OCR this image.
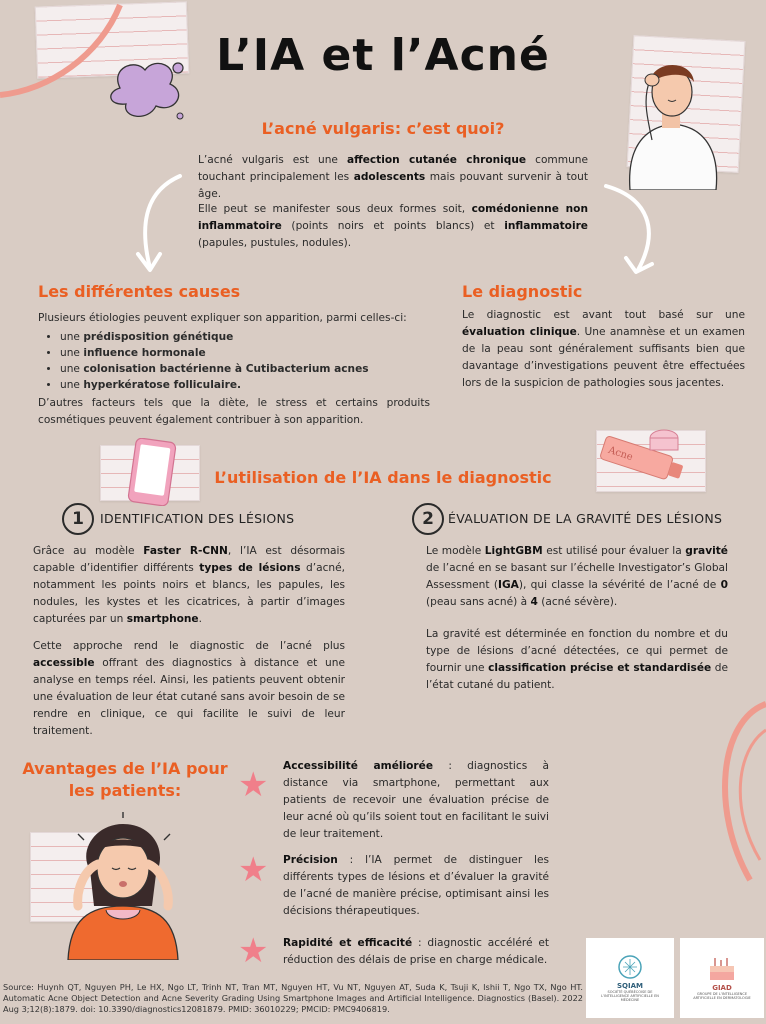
L’IA et l’Acné
L’acné vulgaris: c’est quoi?
L’acné vulgaris est une affection cutanée chronique commune touchant principalement les adolescents mais pouvant survenir à tout âge.
Elle peut se manifester sous deux formes soit, comédonienne non inflammatoire (points noirs et points blancs) et inflammatoire (papules, pustules, nodules).
Les différentes causes
Plusieurs étiologies peuvent expliquer son apparition, parmi celles-ci:
• une prédisposition génétique
• une influence hormonale
• une colonisation bactérienne à Cutibacterium acnes
• une hyperkératose folliculaire.
D’autres facteurs tels que la diète, le stress et certains produits cosmétiques peuvent également contribuer à son apparition.
Le diagnostic
Le diagnostic est avant tout basé sur une évaluation clinique. Une anamnèse et un examen de la peau sont généralement suffisants bien que davantage d’investigations peuvent être effectuées lors de la suspicion de pathologies sous jacentes.
Acne
L’utilisation de l’IA dans le diagnostic
1	IDENTIFICATION DES LÉSIONS
Grâce au modèle Faster R-CNN, l’IA est désormais capable d’identifier différents types de lésions d’acné, notamment les points noirs et blancs, les papules, les nodules, les kystes et les cicatrices, à partir d’images capturées par un smartphone.
Cette approche rend le diagnostic de l’acné plus accessible offrant des diagnostics à distance et une analyse en temps réel. Ainsi, les patients peuvent obtenir une évaluation de leur état cutané sans avoir besoin de se rendre en clinique, ce qui facilite le suivi de leur traitement.
2	ÉVALUATION DE LA GRAVITÉ DES LÉSIONS
Le modèle LightGBM est utilisé pour évaluer la gravité de l’acné en se basant sur l’échelle Investigator’s Global Assessment (IGA), qui classe la sévérité de l’acné de 0 (peau sans acné) à 4 (acné sévère).
La gravité est déterminée en fonction du nombre et du type de lésions d’acné détectées, ce qui permet de fournir une classification précise et standardisée de l’état cutané du patient.
Avantages de l’IA pour les patients:	★ Accessibilité améliorée : diagnostics à distance via smartphone, permettant aux patients de recevoir une évaluation précise de leur acné où qu’ils soient tout en facilitant le suivi de leur traitement.
★ Précision : l’IA permet de distinguer les différents types de lésions et d’évaluer la gravité de l’acné de manière précise, optimisant ainsi les décisions thérapeutiques.
★ Rapidité et efficacité : diagnostic accéléré et réduction des délais de prise en charge médicale.
SQIAM
SOCIÉTÉ QUÉBÉCOISE DE L’INTELLIGENCE ARTIFICIELLE EN MÉDECINE
GIAD
GROUPE DE L’INTELLIGENCE ARTIFICIELLE EN DERMATOLOGIE
Source: Huynh QT, Nguyen PH, Le HX, Ngo LT, Trinh NT, Tran MT, Nguyen HT, Vu NT, Nguyen AT, Suda K, Tsuji K, Ishii T, Ngo TX, Ngo HT. Automatic Acne Object Detection and Acne Severity Grading Using Smartphone Images and Artificial Intelligence. Diagnostics (Basel). 2022 Aug 3;12(8):1879. doi: 10.3390/diagnostics12081879. PMID: 36010229; PMCID: PMC9406819.
